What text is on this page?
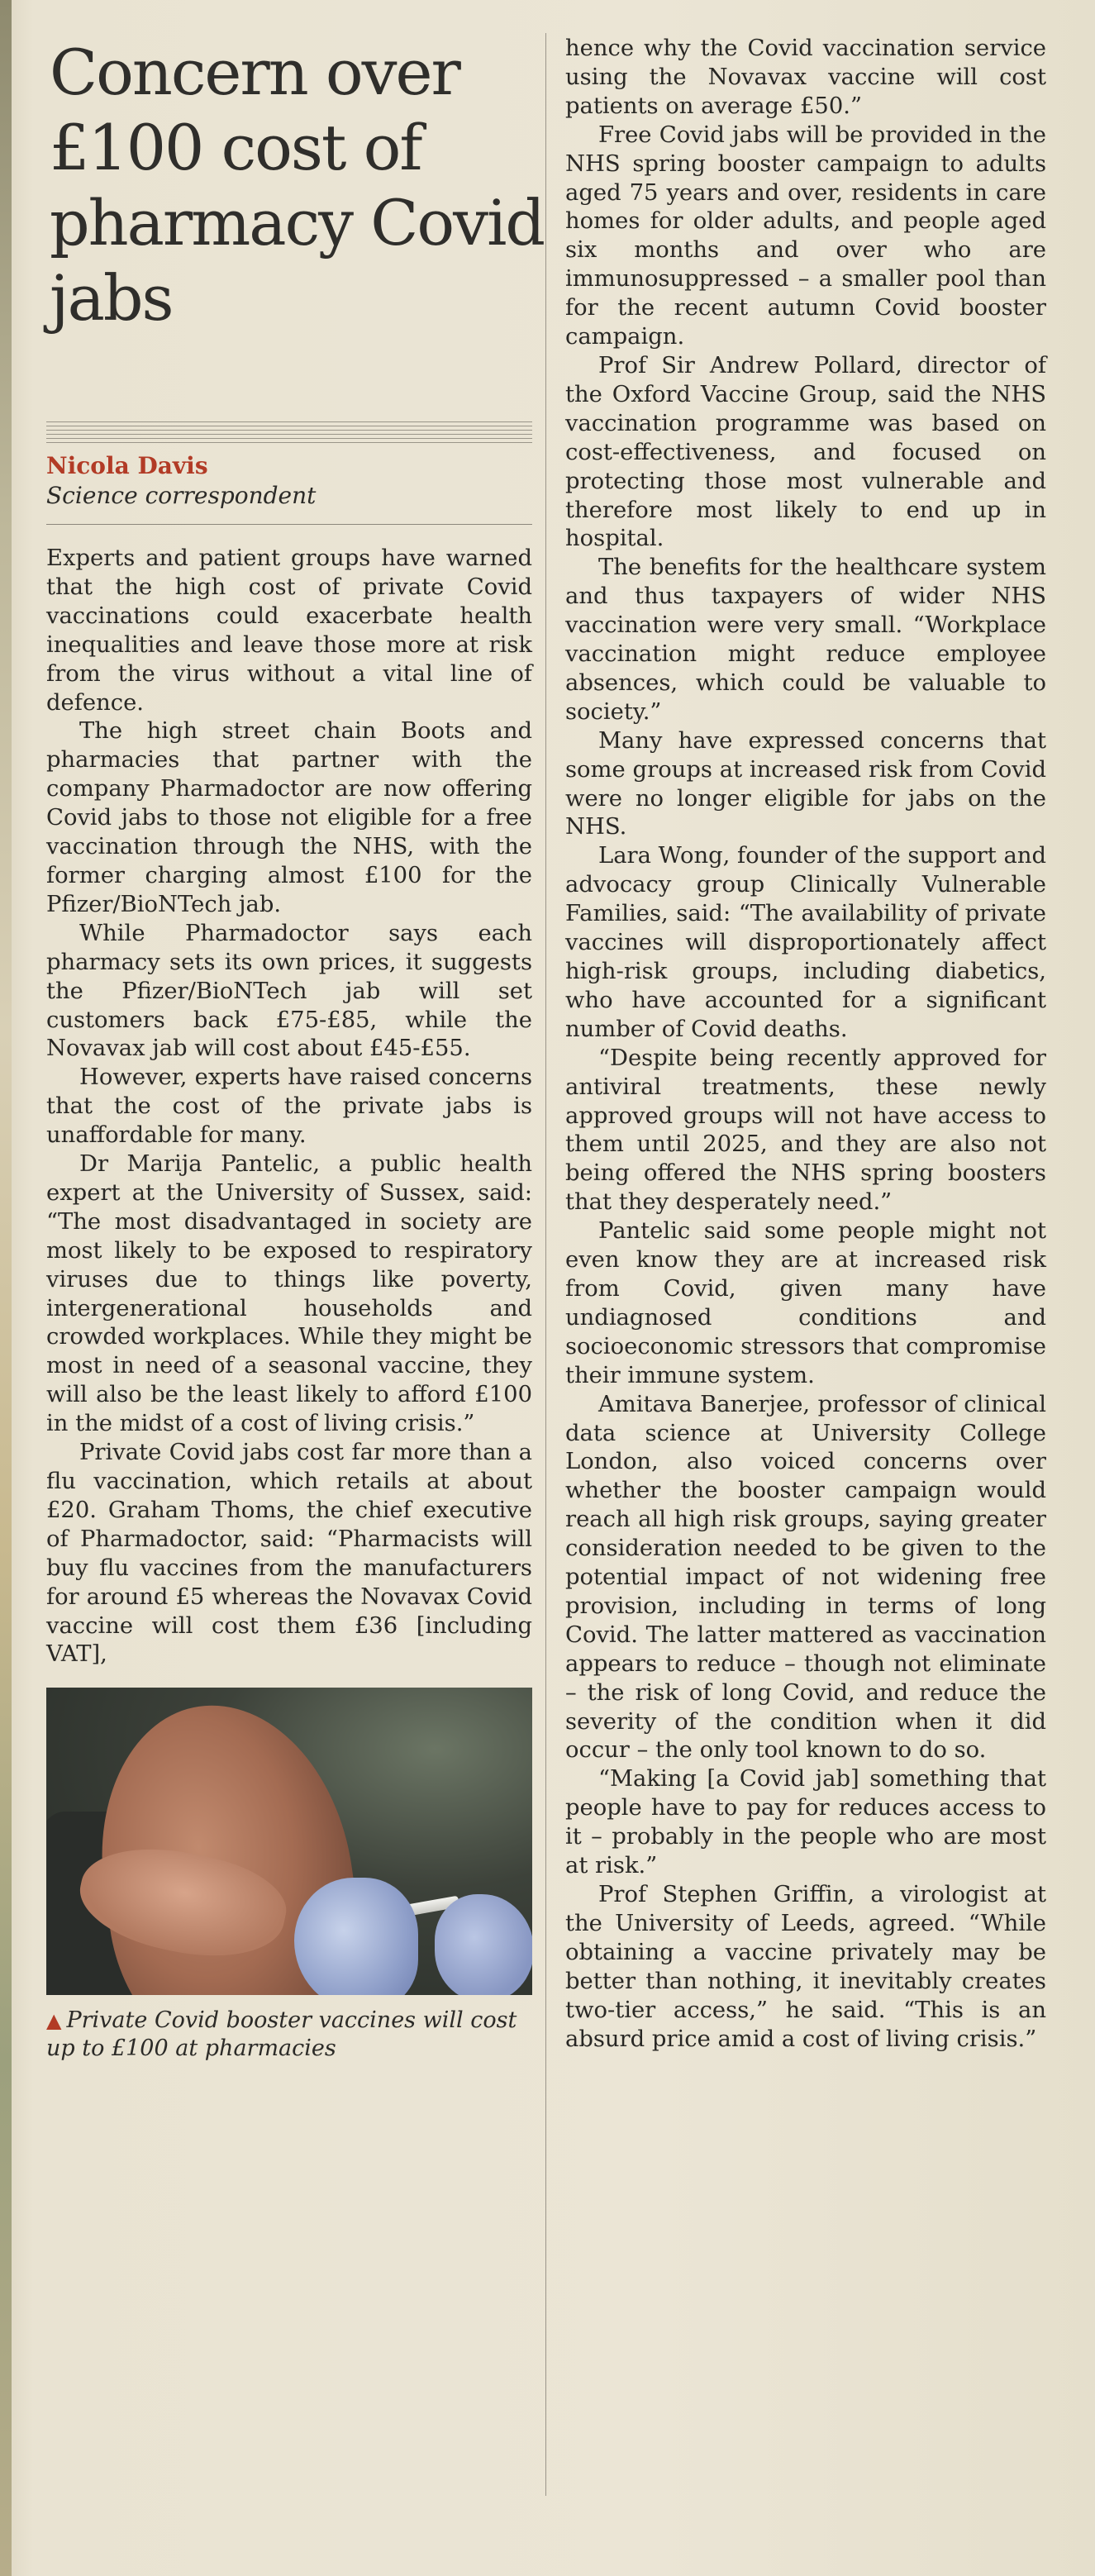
Concern over £100 cost of pharmacy Covid jabs
Nicola Davis
Science correspondent

Experts and patient groups have warned that the high cost of private Covid vaccinations could exacerbate health inequalities and leave those more at risk from the virus without a vital line of defence.

The high street chain Boots and pharmacies that partner with the company Pharmadoctor are now offering Covid jabs to those not eligible for a free vaccination through the NHS, with the former charging almost £100 for the Pfizer/BioNTech jab.

While Pharmadoctor says each pharmacy sets its own prices, it suggests the Pfizer/BioNTech jab will set customers back £75-£85, while the Novavax jab will cost about £45-£55.

However, experts have raised concerns that the cost of the private jabs is unaffordable for many.

Dr Marija Pantelic, a public health expert at the University of Sussex, said: “The most disadvantaged in society are most likely to be exposed to respiratory viruses due to things like poverty, intergenerational households and crowded workplaces. While they might be most in need of a seasonal vaccine, they will also be the least likely to afford £100 in the midst of a cost of living crisis.”

Private Covid jabs cost far more than a flu vaccination, which retails at about £20. Graham Thoms, the chief executive of Pharmadoctor, said: “Pharmacists will buy flu vaccines from the manufacturers for around £5 whereas the Novavax Covid vaccine will cost them £36 [including VAT],

▲ Private Covid booster vaccines will cost up to £100 at pharmacies

hence why the Covid vaccination service using the Novavax vaccine will cost patients on average £50.”

Free Covid jabs will be provided in the NHS spring booster campaign to adults aged 75 years and over, residents in care homes for older adults, and people aged six months and over who are immunosuppressed – a smaller pool than for the recent autumn Covid booster campaign.

Prof Sir Andrew Pollard, director of the Oxford Vaccine Group, said the NHS vaccination programme was based on cost-effectiveness, and focused on protecting those most vulnerable and therefore most likely to end up in hospital.

The benefits for the healthcare system and thus taxpayers of wider NHS vaccination were very small. “Workplace vaccination might reduce employee absences, which could be valuable to society.”

Many have expressed concerns that some groups at increased risk from Covid were no longer eligible for jabs on the NHS.

Lara Wong, founder of the support and advocacy group Clinically Vulnerable Families, said: “The availability of private vaccines will disproportionately affect high-risk groups, including diabetics, who have accounted for a significant number of Covid deaths.

“Despite being recently approved for antiviral treatments, these newly approved groups will not have access to them until 2025, and they are also not being offered the NHS spring boosters that they desperately need.”

Pantelic said some people might not even know they are at increased risk from Covid, given many have undiagnosed conditions and socioeconomic stressors that compromise their immune system.

Amitava Banerjee, professor of clinical data science at University College London, also voiced concerns over whether the booster campaign would reach all high risk groups, saying greater consideration needed to be given to the potential impact of not widening free provision, including in terms of long Covid. The latter mattered as vaccination appears to reduce – though not eliminate – the risk of long Covid, and reduce the severity of the condition when it did occur – the only tool known to do so.

“Making [a Covid jab] something that people have to pay for reduces access to it – probably in the people who are most at risk.”

Prof Stephen Griffin, a virologist at the University of Leeds, agreed. “While obtaining a vaccine privately may be better than nothing, it inevitably creates two-tier access,” he said. “This is an absurd price amid a cost of living crisis.”
